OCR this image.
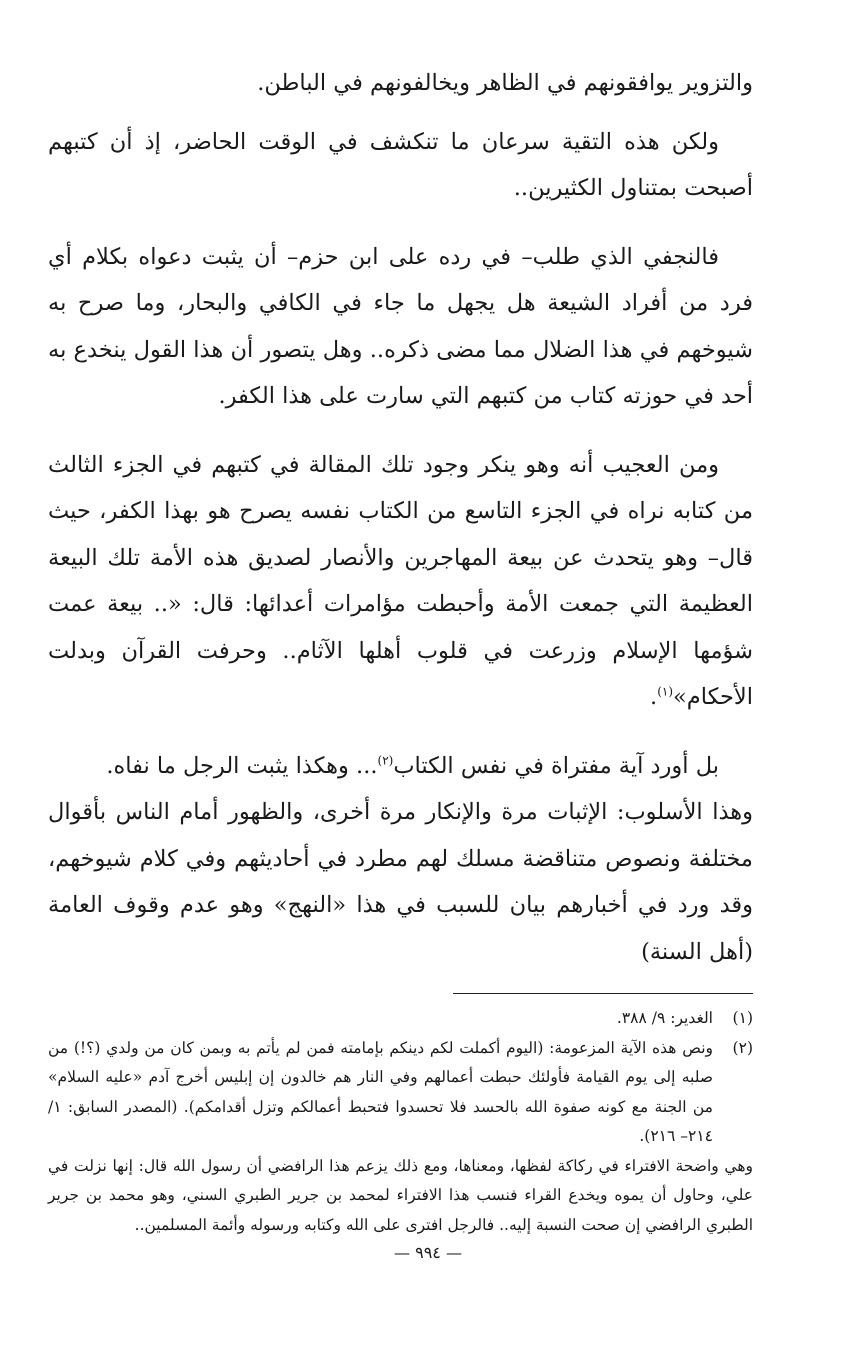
والتزوير يوافقونهم في الظاهر ويخالفونهم في الباطن.

ولكن هذه التقية سرعان ما تنكشف في الوقت الحاضر، إذ أن كتبهم أصبحت بمتناول الكثيرين..

فالنجفي الذي طلب– في رده على ابن حزم– أن يثبت دعواه بكلام أي فرد من أفراد الشيعة هل يجهل ما جاء في الكافي والبحار، وما صرح به شيوخهم في هذا الضلال مما مضى ذكره.. وهل يتصور أن هذا القول ينخدع به أحد في حوزته كتاب من كتبهم التي سارت على هذا الكفر.

ومن العجيب أنه وهو ينكر وجود تلك المقالة في كتبهم في الجزء الثالث من كتابه نراه في الجزء التاسع من الكتاب نفسه يصرح هو بهذا الكفر، حيث قال– وهو يتحدث عن بيعة المهاجرين والأنصار لصديق هذه الأمة تلك البيعة العظيمة التي جمعت الأمة وأحبطت مؤامرات أعدائها: قال: «.. بيعة عمت شؤمها الإسلام وزرعت في قلوب أهلها الآثام.. وحرفت القرآن وبدلت الأحكام»$^{(١)}$.

بل أورد آية مفتراة في نفس الكتاب$^{(٢)}$... وهكذا يثبت الرجل ما نفاه.

وهذا الأسلوب: الإثبات مرة والإنكار مرة أخرى، والظهور أمام الناس بأقوال مختلفة ونصوص متناقضة مسلك لهم مطرد في أحاديثهم وفي كلام شيوخهم، وقد ورد في أخبارهم بيان للسبب في هذا «النهج» وهو عدم وقوف العامة (أهل السنة)

(١)
الغدير: ٩/ ٣٨٨.
(٢)
ونص هذه الآية المزعومة: (اليوم أكملت لكم دينكم بإمامته فمن لم يأتم به وبمن كان من ولدي (؟!) من صلبه إلى يوم القيامة فأولئك حبطت أعمالهم وفي النار هم خالدون إن إبليس أخرج آدم «عليه السلام» من الجنة مع كونه صفوة الله بالحسد فلا تحسدوا فتحبط أعمالكم وتزل أقدامكم). (المصدر السابق: ١/ ٢١٤– ٢١٦).

وهي واضحة الافتراء في ركاكة لفظها، ومعناها، ومع ذلك يزعم هذا الرافضي أن رسول الله قال: إنها نزلت في علي، وحاول أن يموه ويخدع القراء فنسب هذا الافتراء لمحمد بن جرير الطبري السني، وهو محمد بن جرير الطبري الرافضي إن صحت النسبة إليه.. فالرجل افترى على الله وكتابه ورسوله وأئمة المسلمين..

— ٩٩٤ —
